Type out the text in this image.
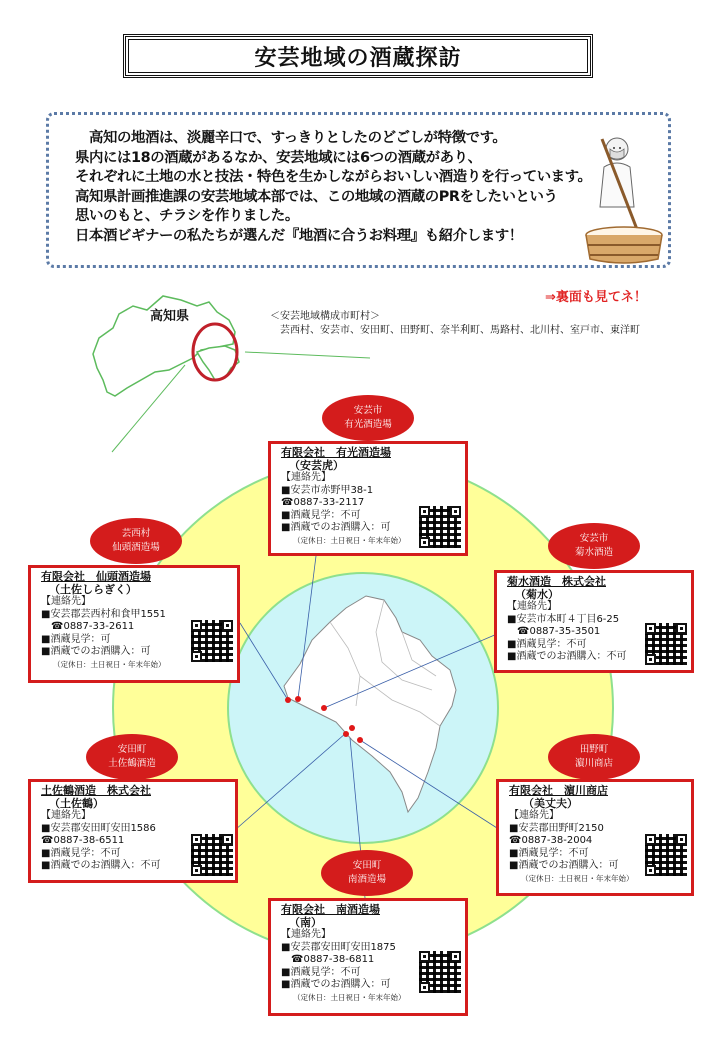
安芸地域の酒蔵探訪
　高知の地酒は、淡麗辛口で、すっきりとしたのどごしが特徴です。
県内には18の酒蔵があるなか、安芸地域には6つの酒蔵があり、
それぞれに土地の水と技法・特色を生かしながらおいしい酒造りを行っています。
高知県計画推進課の安芸地域本部では、この地域の酒蔵のPRをしたいという
思いのもと、チラシを作りました。
日本酒ビギナーの私たちが選んだ『地酒に合うお料理』も紹介します！
⇒裏面も見てネ！
高知県	＜安芸地域構成市町村＞
芸西村、安芸市、安田町、田野町、奈半利町、馬路村、北川村、室戸市、東洋町
安芸市
有光酒造場
有限会社　有光酒造場
（安芸虎）
【連絡先】
■安芸市赤野甲38-1
☎0887-33-2117
■酒蔵見学：不可
■酒蔵でのお酒購入：可
（定休日：土日祝日・年末年始）
芸西村
仙頭酒造場
有限会社　仙頭酒造場
（土佐しらぎく）
【連絡先】
■安芸郡芸西村和食甲1551
☎0887-33-2611
■酒蔵見学：可
■酒蔵でのお酒購入：可
（定休日：土日祝日・年末年始）
安芸市
菊水酒造
菊水酒造　株式会社
（菊水）
【連絡先】
■安芸市本町４丁目6-25
☎0887-35-3501
■酒蔵見学：不可
■酒蔵でのお酒購入：不可
安田町
土佐鶴酒造
土佐鶴酒造　株式会社
（土佐鶴）
【連絡先】
■安芸郡安田町安田1586
☎0887-38-6511
■酒蔵見学：不可
■酒蔵でのお酒購入：不可
田野町
濵川商店
有限会社　濵川商店
（美丈夫）
【連絡先】
■安芸郡田野町2150
☎0887-38-2004
■酒蔵見学：不可
■酒蔵でのお酒購入：可
（定休日：土日祝日・年末年始）
安田町
南酒造場
有限会社　南酒造場
（南）
【連絡先】
■安芸郡安田町安田1875
☎0887-38-6811
■酒蔵見学：不可
■酒蔵でのお酒購入：可
（定休日：土日祝日・年末年始）
